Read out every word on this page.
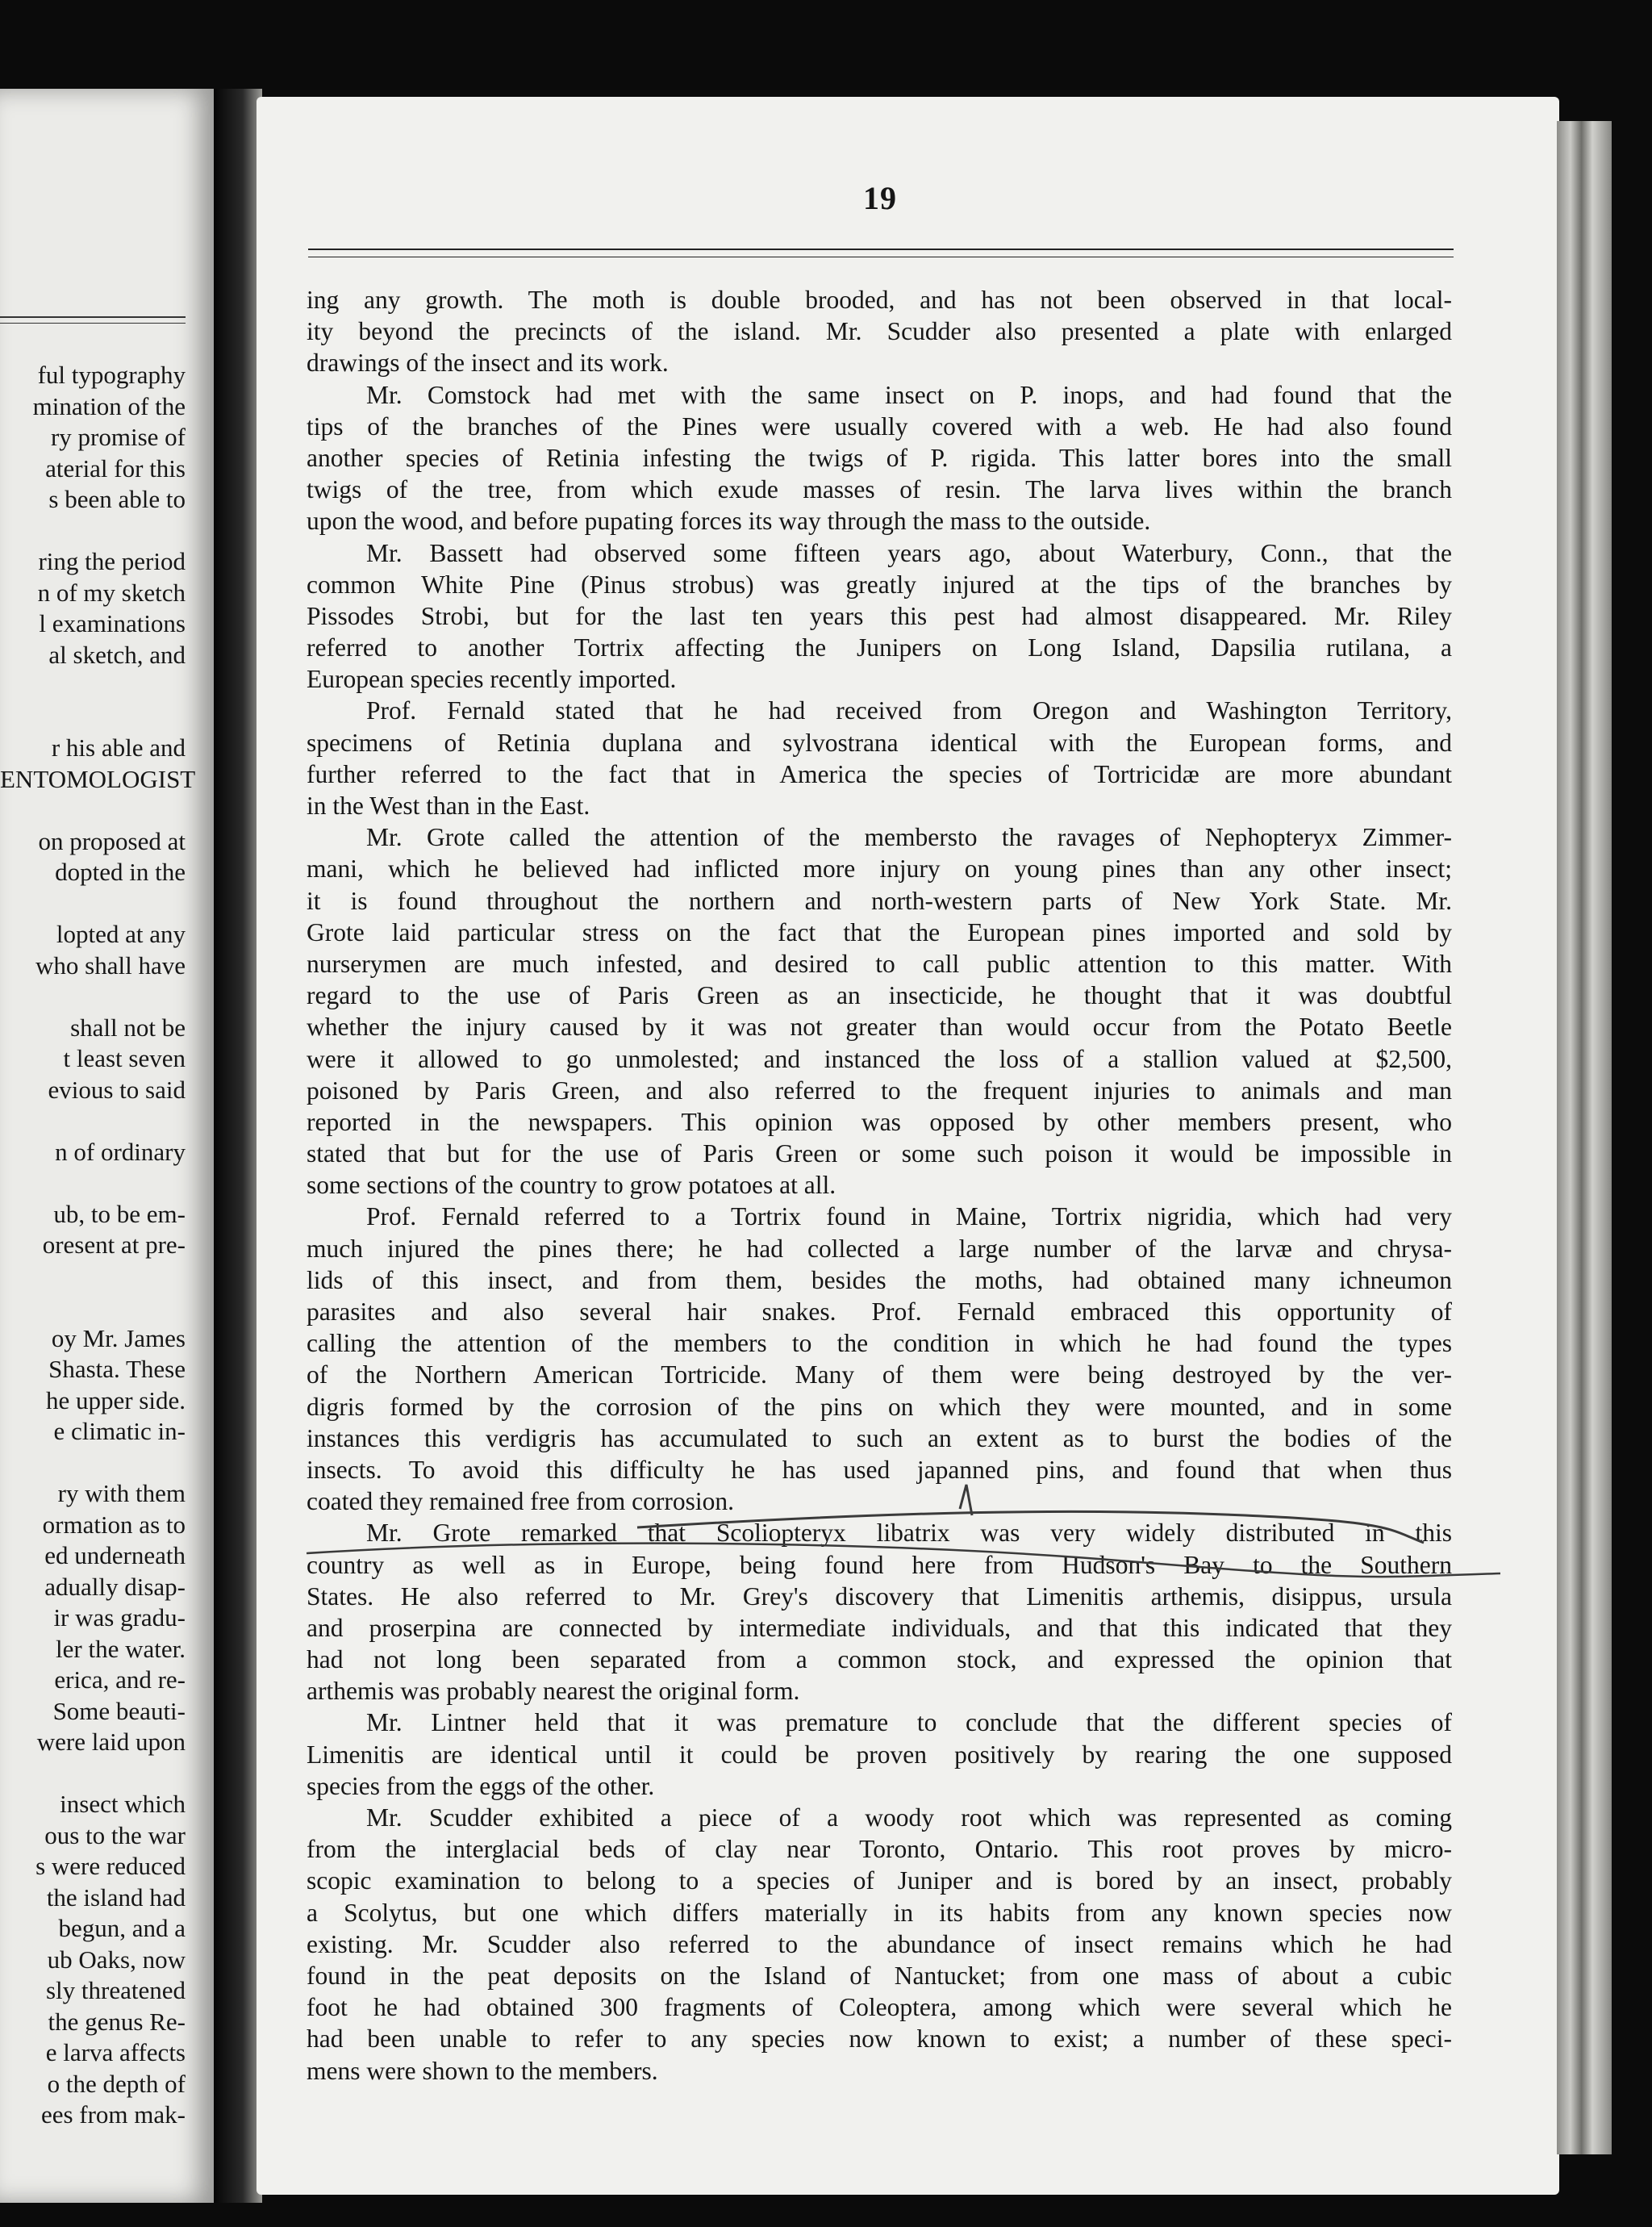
ful typography
mination of the
ry promise of
aterial for this
s been able to
ring the period
n of my sketch
l examinations
al sketch, and
r his able and
ENTOMOLOGIST
on proposed at
dopted in the
lopted at any
who shall have
shall not be
t least seven
evious to said
n of ordinary
ub, to be em-
oresent at pre-
oy Mr. James
Shasta. These
he upper side.
e climatic in-
ry with them
ormation as to
ed underneath
adually disap-
ir was gradu-
ler the water.
erica, and re-
Some beauti-
were laid upon
insect which
ous to the war
s were reduced
the island had
begun, and a
ub Oaks, now
sly threatened
the genus Re-
e larva affects
o the depth of
ees from mak-
19
ing any growth. The moth is double brooded, and has not been observed in that local-
ity beyond the precincts of the island. Mr. Scudder also presented a plate with enlarged
drawings of the insect and its work.
Mr. Comstock had met with the same insect on P. inops, and had found that the
tips of the branches of the Pines were usually covered with a web. He had also found
another species of Retinia infesting the twigs of P. rigida. This latter bores into the small
twigs of the tree, from which exude masses of resin. The larva lives within the branch
upon the wood, and before pupating forces its way through the mass to the outside.
Mr. Bassett had observed some fifteen years ago, about Waterbury, Conn., that the
common White Pine (Pinus strobus) was greatly injured at the tips of the branches by
Pissodes Strobi, but for the last ten years this pest had almost disappeared. Mr. Riley
referred to another Tortrix affecting the Junipers on Long Island, Dapsilia rutilana, a
European species recently imported.
Prof. Fernald stated that he had received from Oregon and Washington Territory,
specimens of Retinia duplana and sylvostrana identical with the European forms, and
further referred to the fact that in America the species of Tortricidæ are more abundant
in the West than in the East.
Mr. Grote called the attention of the membersto the ravages of Nephopteryx Zimmer-
mani, which he believed had inflicted more injury on young pines than any other insect;
it is found throughout the northern and north-western parts of New York State. Mr.
Grote laid particular stress on the fact that the European pines imported and sold by
nurserymen are much infested, and desired to call public attention to this matter. With
regard to the use of Paris Green as an insecticide, he thought that it was doubtful
whether the injury caused by it was not greater than would occur from the Potato Beetle
were it allowed to go unmolested; and instanced the loss of a stallion valued at $2,500,
poisoned by Paris Green, and also referred to the frequent injuries to animals and man
reported in the newspapers. This opinion was opposed by other members present, who
stated that but for the use of Paris Green or some such poison it would be impossible in
some sections of the country to grow potatoes at all.
Prof. Fernald referred to a Tortrix found in Maine, Tortrix nigridia, which had very
much injured the pines there; he had collected a large number of the larvæ and chrysa-
lids of this insect, and from them, besides the moths, had obtained many ichneumon
parasites and also several hair snakes. Prof. Fernald embraced this opportunity of
calling the attention of the members to the condition in which he had found the types
of the Northern American Tortricide. Many of them were being destroyed by the ver-
digris formed by the corrosion of the pins on which they were mounted, and in some
instances this verdigris has accumulated to such an extent as to burst the bodies of the
insects. To avoid this difficulty he has used japanned pins, and found that when thus
coated they remained free from corrosion.
Mr. Grote remarked that Scoliopteryx libatrix was very widely distributed in this
country as well as in Europe, being found here from Hudson's Bay to the Southern
States. He also referred to Mr. Grey's discovery that Limenitis arthemis, disippus, ursula
and proserpina are connected by intermediate individuals, and that this indicated that they
had not long been separated from a common stock, and expressed the opinion that
arthemis was probably nearest the original form.
Mr. Lintner held that it was premature to conclude that the different species of
Limenitis are identical until it could be proven positively by rearing the one supposed
species from the eggs of the other.
Mr. Scudder exhibited a piece of a woody root which was represented as coming
from the interglacial beds of clay near Toronto, Ontario. This root proves by micro-
scopic examination to belong to a species of Juniper and is bored by an insect, probably
a Scolytus, but one which differs materially in its habits from any known species now
existing. Mr. Scudder also referred to the abundance of insect remains which he had
found in the peat deposits on the Island of Nantucket; from one mass of about a cubic
foot he had obtained 300 fragments of Coleoptera, among which were several which he
had been unable to refer to any species now known to exist; a number of these speci-
mens were shown to the members.
